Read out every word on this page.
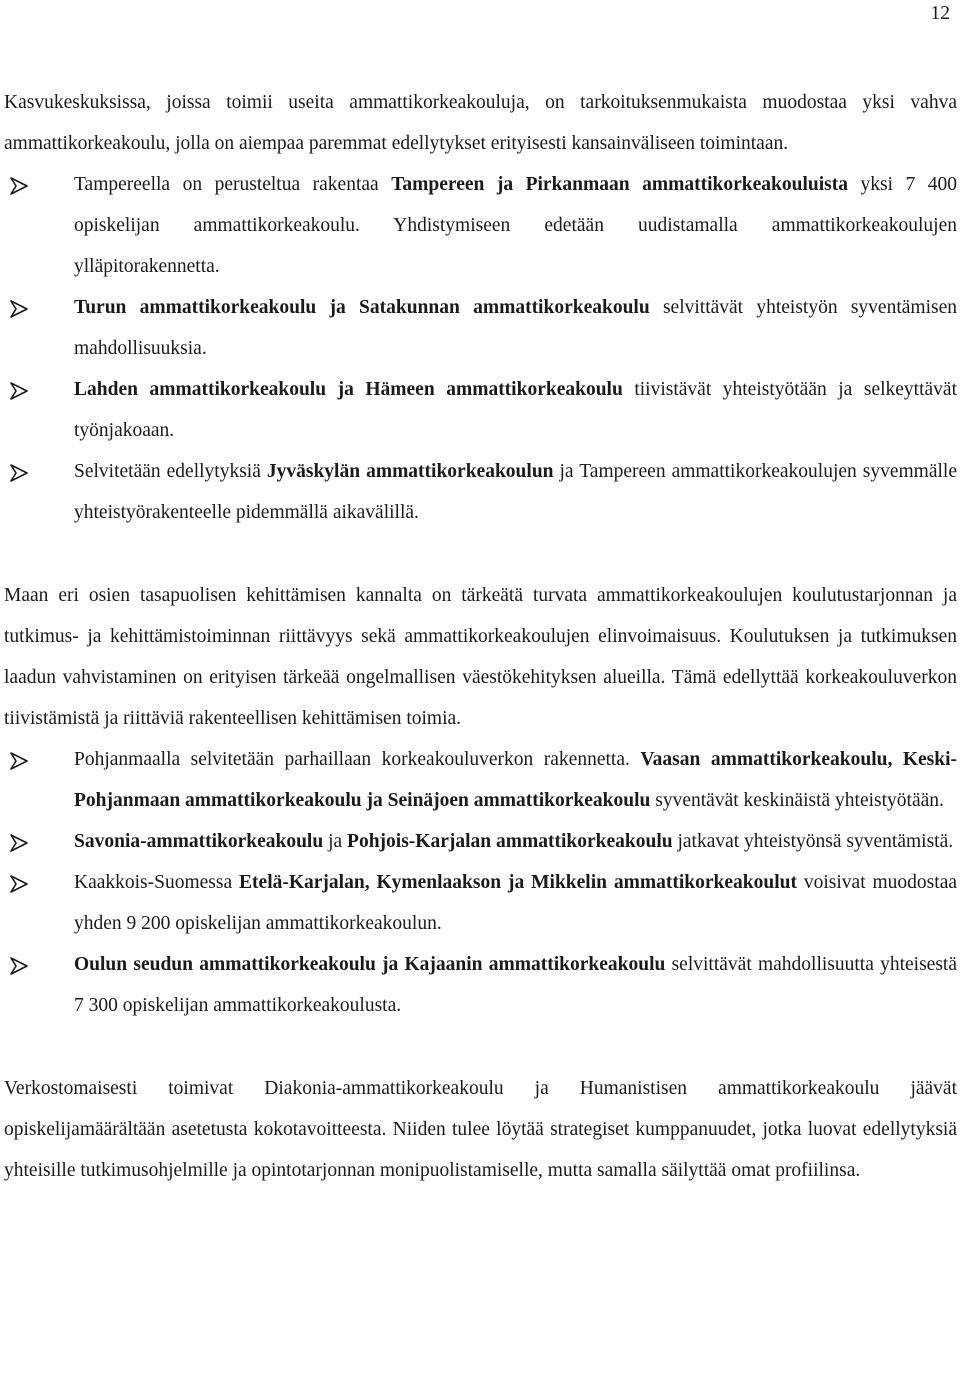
12

Kasvukeskuksissa, joissa toimii useita ammattikorkeakouluja, on tarkoituksenmukaista muodostaa yksi vahva ammattikorkeakoulu, jolla on aiempaa paremmat edellytykset erityisesti kansainväliseen toimintaan.

Tampereella on perusteltua rakentaa Tampereen ja Pirkanmaan ammattikorkeakouluista yksi 7 400 opiskelijan ammattikorkeakoulu. Yhdistymiseen edetään uudistamalla ammattikorkeakoulujen ylläpitorakennetta.
Turun ammattikorkeakoulu ja Satakunnan ammattikorkeakoulu selvittävät yhteistyön syventämisen mahdollisuuksia.
Lahden ammattikorkeakoulu ja Hämeen ammattikorkeakoulu tiivistävät yhteistyötään ja selkeyttävät työnjakoaan.
Selvitetään edellytyksiä Jyväskylän ammattikorkeakoulun ja Tampereen ammattikorkeakoulujen syvemmälle yhteistyörakenteelle pidemmällä aikavälillä.

Maan eri osien tasapuolisen kehittämisen kannalta on tärkeätä turvata ammattikorkeakoulujen koulutustarjonnan ja tutkimus- ja kehittämistoiminnan riittävyys sekä ammattikorkeakoulujen elinvoimaisuus. Koulutuksen ja tutkimuksen laadun vahvistaminen on erityisen tärkeää ongelmallisen väestökehityksen alueilla. Tämä edellyttää korkeakouluverkon tiivistämistä ja riittäviä rakenteellisen kehittämisen toimia.

Pohjanmaalla selvitetään parhaillaan korkeakouluverkon rakennetta. Vaasan ammattikorkeakoulu, Keski-Pohjanmaan ammattikorkeakoulu ja Seinäjoen ammattikorkeakoulu syventävät keskinäistä yhteistyötään.
Savonia-ammattikorkeakoulu ja Pohjois-Karjalan ammattikorkeakoulu jatkavat yhteistyönsä syventämistä.
Kaakkois-Suomessa Etelä-Karjalan, Kymenlaakson ja Mikkelin ammattikorkeakoulut voisivat muodostaa yhden 9 200 opiskelijan ammattikorkeakoulun.
Oulun seudun ammattikorkeakoulu ja Kajaanin ammattikorkeakoulu selvittävät mahdollisuutta yhteisestä 7 300 opiskelijan ammattikorkeakoulusta.

Verkostomaisesti toimivat Diakonia-ammattikorkeakoulu ja Humanistisen ammattikorkeakoulu jäävät opiskelijamäärältään asetetusta kokotavoitteesta. Niiden tulee löytää strategiset kumppanuudet, jotka luovat edellytyksiä yhteisille tutkimusohjelmille ja opintotarjonnan monipuolistamiselle, mutta samalla säilyttää omat profiilinsa.
